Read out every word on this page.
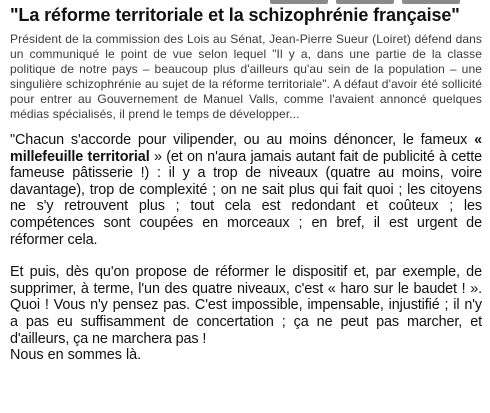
"La réforme territoriale et la schizophrénie française"

Président de la commission des Lois au Sénat, Jean-Pierre Sueur (Loiret) défend dans un communiqué le point de vue selon lequel "Il y a, dans une partie de la classe politique de notre pays – beaucoup plus d'ailleurs qu'au sein de la population – une singulière schizophrénie au sujet de la réforme territoriale". A défaut d'avoir été sollicité pour entrer au Gouvernement de Manuel Valls, comme l'avaient annoncé quelques médias spécialisés, il prend le temps de développer...

"Chacun s'accorde pour vilipender, ou au moins dénoncer, le fameux « millefeuille territorial » (et on n'aura jamais autant fait de publicité à cette fameuse pâtisserie !) : il y a trop de niveaux (quatre au moins, voire davantage), trop de complexité ; on ne sait plus qui fait quoi ; les citoyens ne s'y retrouvent plus ; tout cela est redondant et coûteux ; les compétences sont coupées en morceaux ; en bref, il est urgent de réformer cela.

Et puis, dès qu'on propose de réformer le dispositif et, par exemple, de supprimer, à terme, l'un des quatre niveaux, c'est « haro sur le baudet ! ». Quoi ! Vous n'y pensez pas. C'est impossible, impensable, injustifié ; il n'y a pas eu suffisamment de concertation ; ça ne peut pas marcher, et d'ailleurs, ça ne marchera pas !

Nous en sommes là.
